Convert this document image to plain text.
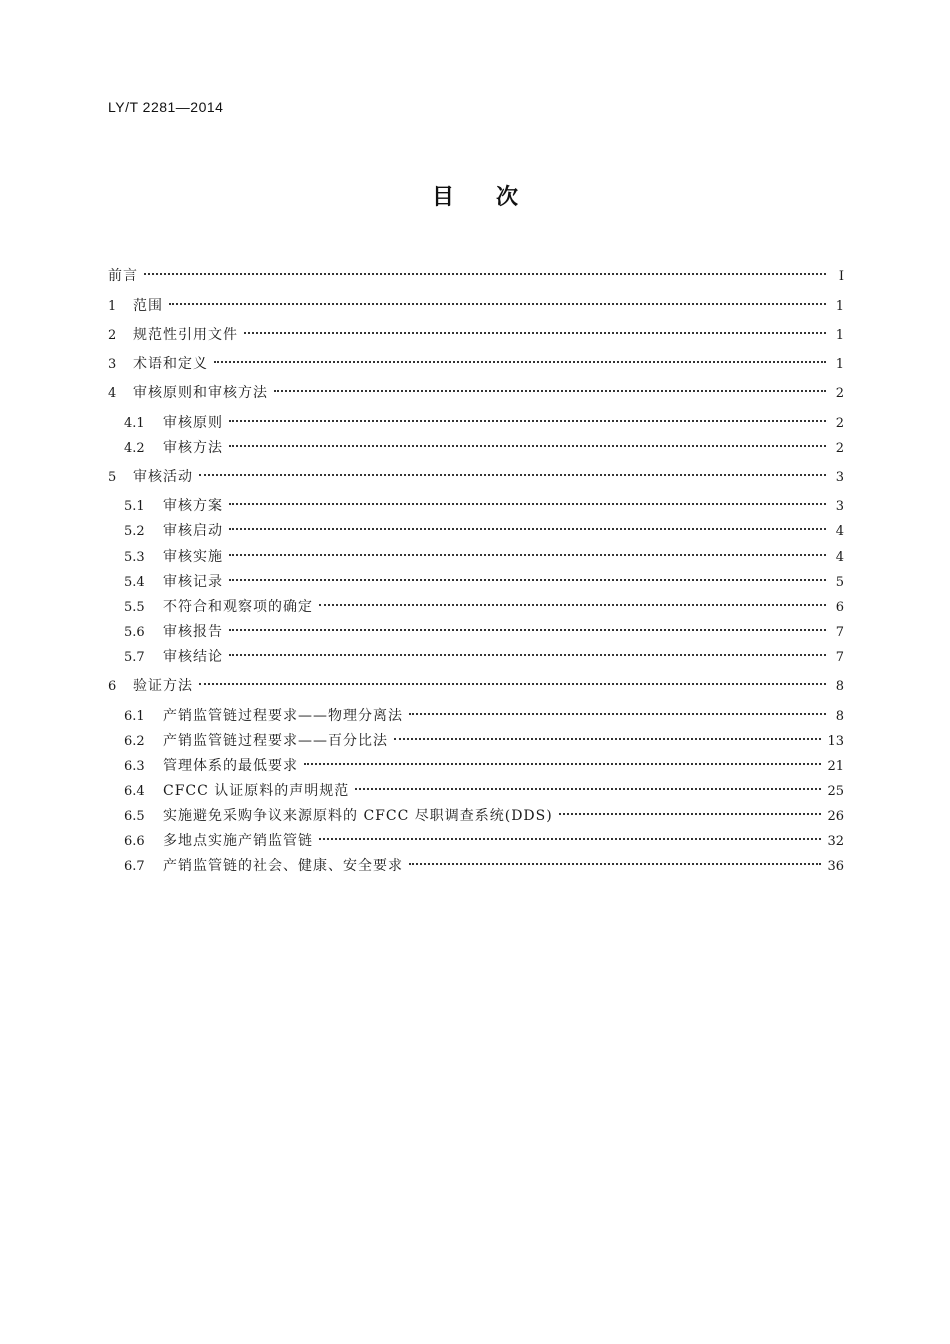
LY/T 2281—2014
目 次
前言	Ⅰ
1	范围	1
2	规范性引用文件	1
3	术语和定义	1
4	审核原则和审核方法	2
4.1	审核原则	2
4.2	审核方法	2
5	审核活动	3
5.1	审核方案	3
5.2	审核启动	4
5.3	审核实施	4
5.4	审核记录	5
5.5	不符合和观察项的确定	6
5.6	审核报告	7
5.7	审核结论	7
6	验证方法	8
6.1	产销监管链过程要求——物理分离法	8
6.2	产销监管链过程要求——百分比法	13
6.3	管理体系的最低要求	21
6.4	CFCC 认证原料的声明规范	25
6.5	实施避免采购争议来源原料的 CFCC 尽职调查系统(DDS)	26
6.6	多地点实施产销监管链	32
6.7	产销监管链的社会、健康、安全要求	36
